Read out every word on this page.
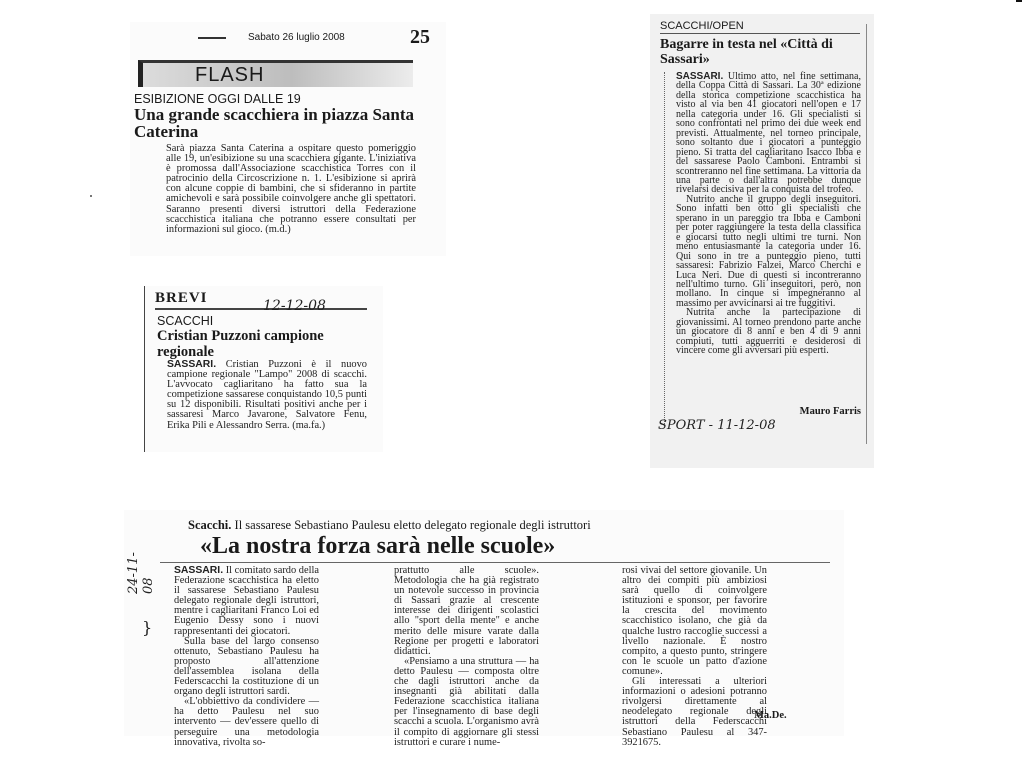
Sabato 26 luglio 2008	25
FLASH
ESIBIZIONE OGGI DALLE 19
Una grande scacchiera in piazza Santa Caterina

Sarà piazza Santa Caterina a ospitare questo pomeriggio alle 19, un'esibizione su una scacchiera gigante. L'iniziativa è promossa dall'Associazione scacchistica Torres con il patrocinio della Circoscrizione n. 1. L'esibizione si aprirà con alcune coppie di bambini, che si sfideranno in partite amichevoli e sarà possibile coinvolgere anche gli spettatori. Saranno presenti diversi istruttori della Federazione scacchistica italiana che potranno essere consultati per informazioni sul gioco. (m.d.)

BREVI	12-12-08
SCACCHI
Cristian Puzzoni campione regionale

SASSARI. Cristian Puzzoni è il nuovo campione regionale "Lampo" 2008 di scacchi. L'avvocato cagliaritano ha fatto sua la competizione sassarese conquistando 10,5 punti su 12 disponibili. Risultati positivi anche per i sassaresi Marco Javarone, Salvatore Fenu, Erika Pili e Alessandro Serra. (ma.fa.)

SCACCHI/OPEN
Bagarre in testa nel «Città di Sassari»

SASSARI. Ultimo atto, nel fine settimana, della Coppa Città di Sassari. La 30ª edizione della storica competizione scacchistica ha visto al via ben 41 giocatori nell'open e 17 nella categoria under 16. Gli specialisti si sono confrontati nel primo dei due week end previsti. Attualmente, nel torneo principale, sono soltanto due i giocatori a punteggio pieno. Si tratta del cagliaritano Isacco Ibba e del sassarese Paolo Camboni. Entrambi si scontreranno nel fine settimana. La vittoria da una parte o dall'altra potrebbe dunque rivelarsi decisiva per la conquista del trofeo.

Nutrito anche il gruppo degli inseguitori. Sono infatti ben otto gli specialisti che sperano in un pareggio tra Ibba e Camboni per poter raggiungere la testa della classifica e giocarsi tutto negli ultimi tre turni. Non meno entusiasmante la categoria under 16. Qui sono in tre a punteggio pieno, tutti sassaresi: Fabrizio Falzei, Marco Cherchi e Luca Neri. Due di questi si incontreranno nell'ultimo turno. Gli inseguitori, però, non mollano. In cinque si impegneranno al massimo per avvicinarsi ai tre fuggitivi.

Nutrita anche la partecipazione di giovanissimi. Al torneo prendono parte anche un giocatore di 8 anni e ben 4 di 9 anni compiuti, tutti agguerriti e desiderosi di vincere come gli avversari più esperti.

Mauro Farris
SPORT - 11-12-08
24-11-08
}
Scacchi. Il sassarese Sebastiano Paulesu eletto delegato regionale degli istruttori
«La nostra forza sarà nelle scuole»

SASSARI. Il comitato sardo della Federazione scacchistica ha eletto il sassarese Sebastiano Paulesu delegato regionale degli istruttori, mentre i cagliaritani Franco Loi ed Eugenio Dessy sono i nuovi rappresentanti dei giocatori.

Sulla base del largo consenso ottenuto, Sebastiano Paulesu ha proposto all'attenzione dell'assemblea isolana della Federscacchi la costituzione di un organo degli istruttori sardi.

«L'obbiettivo da condividere — ha detto Paulesu nel suo intervento — dev'essere quello di perseguire una metodologia innovativa, rivolta so-

prattutto alle scuole». Metodologia che ha già registrato un notevole successo in provincia di Sassari grazie al crescente interesse dei dirigenti scolastici allo "sport della mente" e anche merito delle misure varate dalla Regione per progetti e laboratori didattici.

«Pensiamo a una struttura — ha detto Paulesu — composta oltre che dagli istruttori anche da insegnanti già abilitati dalla Federazione scacchistica italiana per l'insegnamento di base degli scacchi a scuola. L'organismo avrà il compito di aggiornare gli stessi istruttori e curare i nume-

rosi vivai del settore giovanile. Un altro dei compiti più ambiziosi sarà quello di coinvolgere istituzioni e sponsor, per favorire la crescita del movimento scacchistico isolano, che già da qualche lustro raccoglie successi a livello nazionale. È nostro compito, a questo punto, stringere con le scuole un patto d'azione comune».

Gli interessati a ulteriori informazioni o adesioni potranno rivolgersi direttamente al neodelegato regionale degli istruttori della Federscacchi Sebastiano Paulesu al 347-3921675.

Ma.De.
